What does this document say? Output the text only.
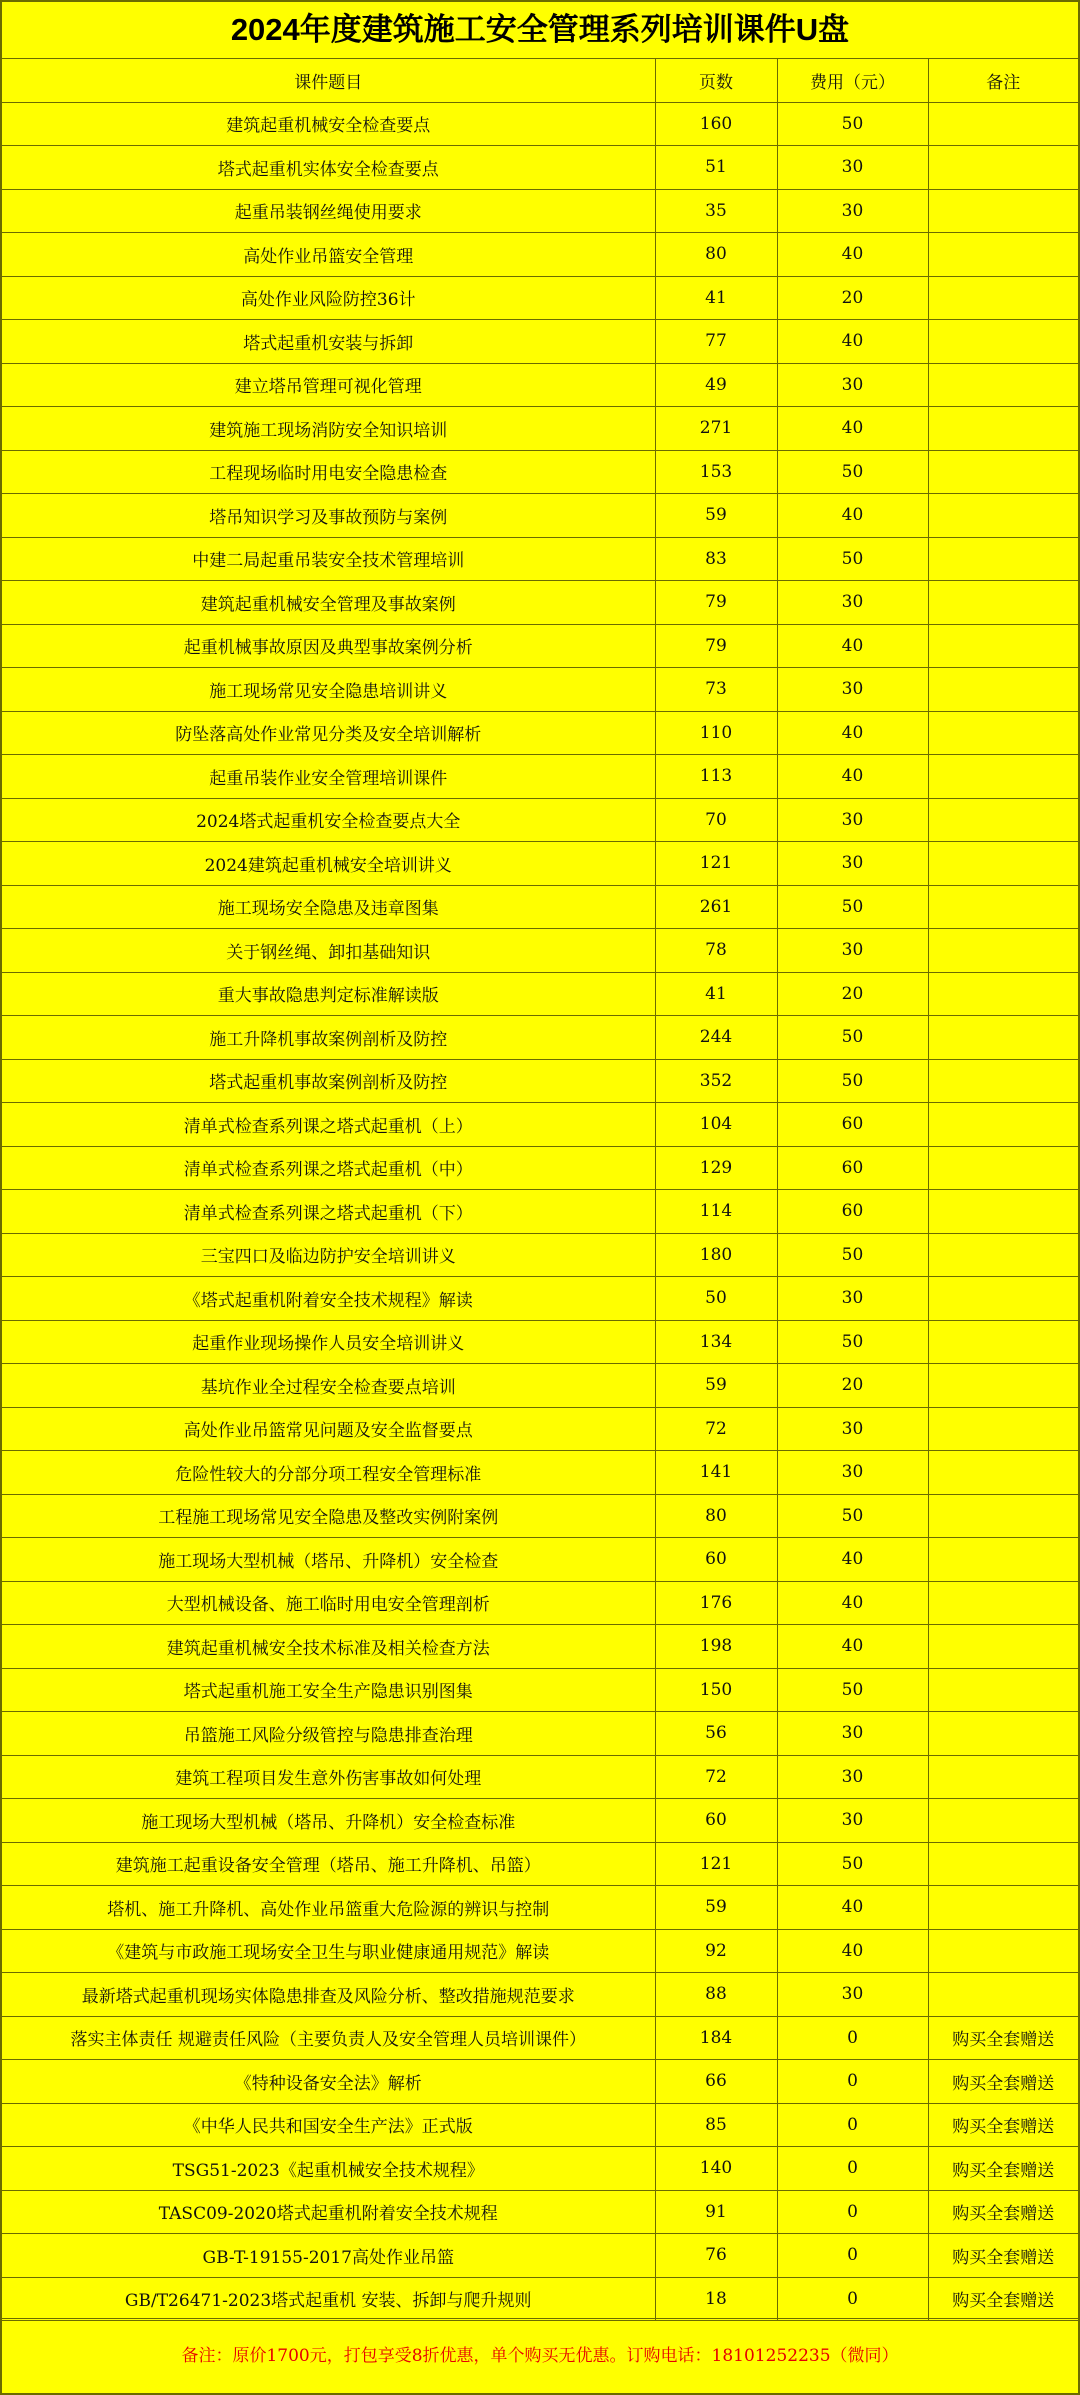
2024年度建筑施工安全管理系列培训课件U盘
课件题目	页数	费用（元）	备注
建筑起重机械安全检查要点	160	50	
塔式起重机实体安全检查要点	51	30	
起重吊装钢丝绳使用要求	35	30	
高处作业吊篮安全管理	80	40	
高处作业风险防控36计	41	20	
塔式起重机安装与拆卸	77	40	
建立塔吊管理可视化管理	49	30	
建筑施工现场消防安全知识培训	271	40	
工程现场临时用电安全隐患检查	153	50	
塔吊知识学习及事故预防与案例	59	40	
中建二局起重吊装安全技术管理培训	83	50	
建筑起重机械安全管理及事故案例	79	30	
起重机械事故原因及典型事故案例分析	79	40	
施工现场常见安全隐患培训讲义	73	30	
防坠落高处作业常见分类及安全培训解析	110	40	
起重吊装作业安全管理培训课件	113	40	
2024塔式起重机安全检查要点大全	70	30	
2024建筑起重机械安全培训讲义	121	30	
施工现场安全隐患及违章图集	261	50	
关于钢丝绳、卸扣基础知识	78	30	
重大事故隐患判定标准解读版	41	20	
施工升降机事故案例剖析及防控	244	50	
塔式起重机事故案例剖析及防控	352	50	
清单式检查系列课之塔式起重机（上）	104	60	
清单式检查系列课之塔式起重机（中）	129	60	
清单式检查系列课之塔式起重机（下）	114	60	
三宝四口及临边防护安全培训讲义	180	50	
《塔式起重机附着安全技术规程》解读	50	30	
起重作业现场操作人员安全培训讲义	134	50	
基坑作业全过程安全检查要点培训	59	20	
高处作业吊篮常见问题及安全监督要点	72	30	
危险性较大的分部分项工程安全管理标准	141	30	
工程施工现场常见安全隐患及整改实例附案例	80	50	
施工现场大型机械（塔吊、升降机）安全检查	60	40	
大型机械设备、施工临时用电安全管理剖析	176	40	
建筑起重机械安全技术标准及相关检查方法	198	40	
塔式起重机施工安全生产隐患识别图集	150	50	
吊篮施工风险分级管控与隐患排查治理	56	30	
建筑工程项目发生意外伤害事故如何处理	72	30	
施工现场大型机械（塔吊、升降机）安全检查标准	60	30	
建筑施工起重设备安全管理（塔吊、施工升降机、吊篮）	121	50	
塔机、施工升降机、高处作业吊篮重大危险源的辨识与控制	59	40	
《建筑与市政施工现场安全卫生与职业健康通用规范》解读	92	40	
最新塔式起重机现场实体隐患排查及风险分析、整改措施规范要求	88	30	
落实主体责任 规避责任风险（主要负责人及安全管理人员培训课件）	184	0	购买全套赠送
《特种设备安全法》解析	66	0	购买全套赠送
《中华人民共和国安全生产法》正式版	85	0	购买全套赠送
TSG51-2023《起重机械安全技术规程》	140	0	购买全套赠送
TASC09-2020塔式起重机附着安全技术规程	91	0	购买全套赠送
GB-T-19155-2017高处作业吊篮	76	0	购买全套赠送
GB/T26471-2023塔式起重机 安装、拆卸与爬升规则	18	0	购买全套赠送
备注：原价1700元，打包享受8折优惠，单个购买无优惠。订购电话：18101252235（微同）
